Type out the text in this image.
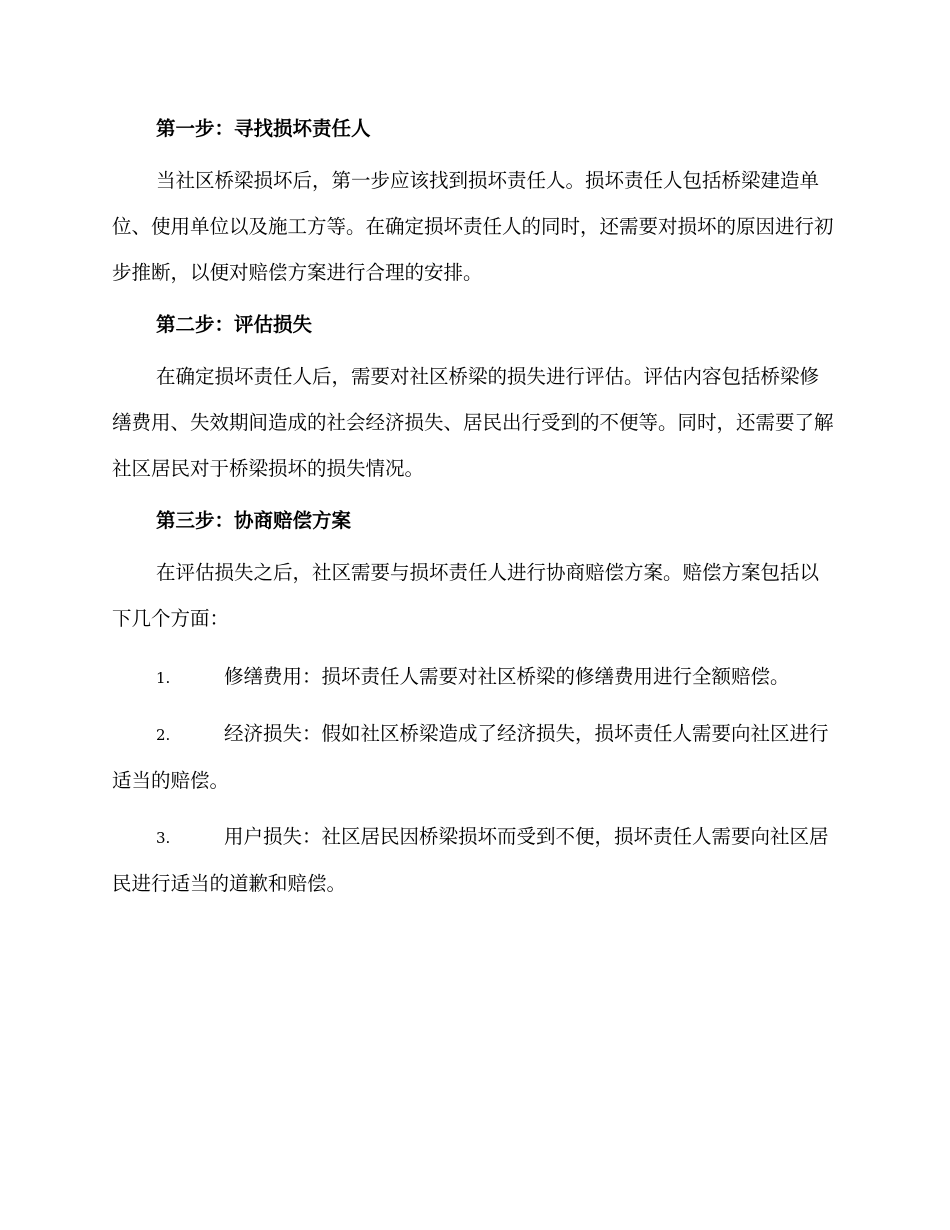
第一步：寻找损坏责任人

当社区桥梁损坏后，第一步应该找到损坏责任人。损坏责任人包括桥梁建造单位、使用单位以及施工方等。在确定损坏责任人的同时，还需要对损坏的原因进行初步推断，以便对赔偿方案进行合理的安排。

第二步：评估损失

在确定损坏责任人后，需要对社区桥梁的损失进行评估。评估内容包括桥梁修缮费用、失效期间造成的社会经济损失、居民出行受到的不便等。同时，还需要了解社区居民对于桥梁损坏的损失情况。

第三步：协商赔偿方案

在评估损失之后，社区需要与损坏责任人进行协商赔偿方案。赔偿方案包括以下几个方面：

1.	修缮费用：损坏责任人需要对社区桥梁的修缮费用进行全额赔偿。

2.	经济损失：假如社区桥梁造成了经济损失，损坏责任人需要向社区进行适当的赔偿。

3.	用户损失：社区居民因桥梁损坏而受到不便，损坏责任人需要向社区居民进行适当的道歉和赔偿。
